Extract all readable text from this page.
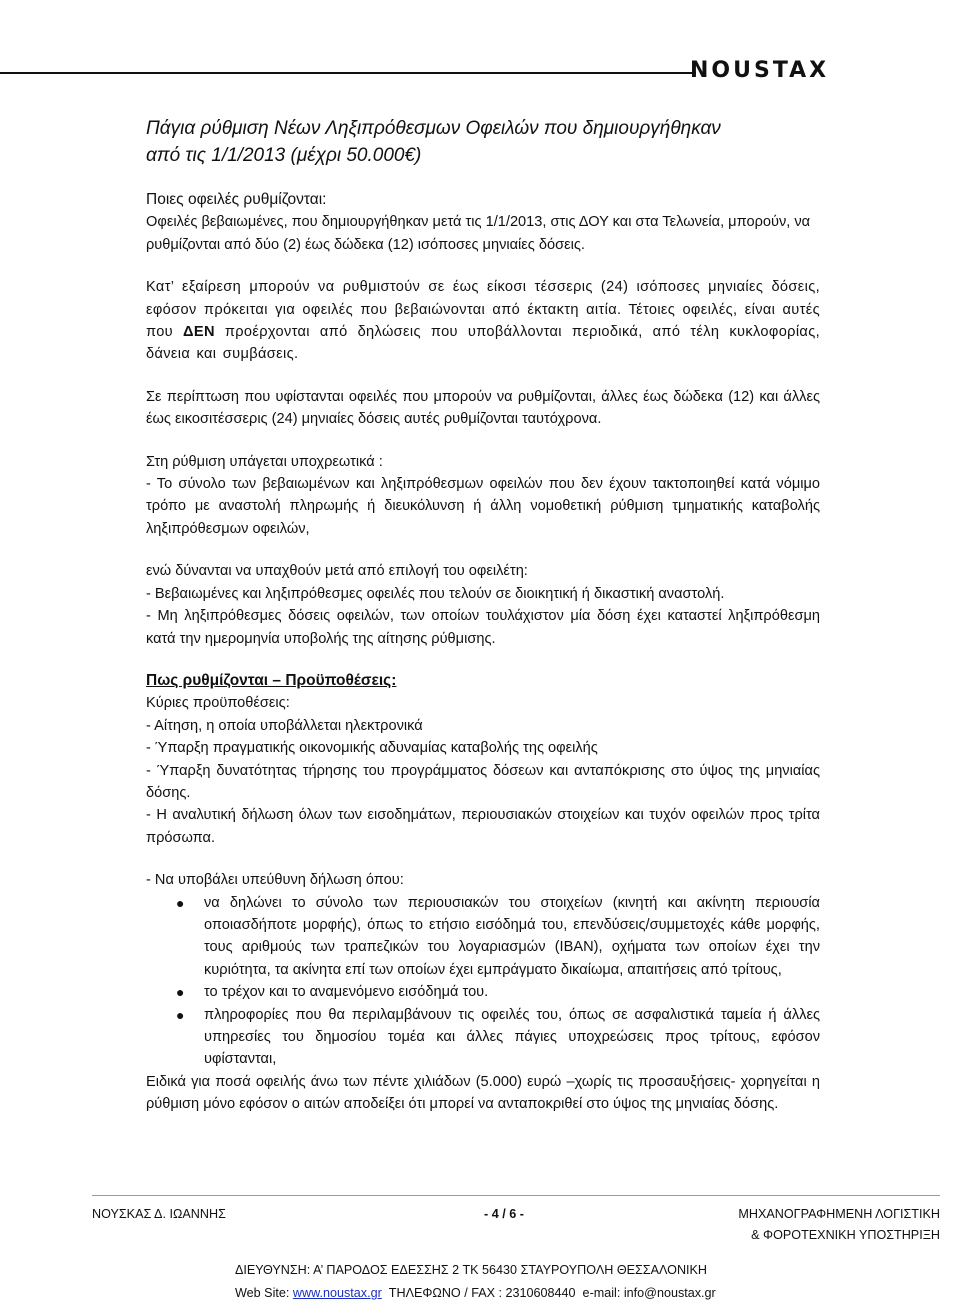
NOUSTAX
Πάγια ρύθμιση Νέων Ληξιπρόθεσμων Οφειλών που δημιουργήθηκαν
από τις 1/1/2013 (μέχρι 50.000€)

Ποιες οφειλές ρυθμίζονται:

Οφειλές βεβαιωμένες, που δημιουργήθηκαν μετά τις 1/1/2013, στις ΔΟΥ και στα Τελωνεία, μπορούν, να ρυθμίζονται από δύο (2) έως δώδεκα (12) ισόποσες μηνιαίες δόσεις.

Κατ’ εξαίρεση μπορούν να ρυθμιστούν σε έως είκοσι τέσσερις (24) ισόποσες μηνιαίες δόσεις, εφόσον πρόκειται για οφειλές που βεβαιώνονται από έκτακτη αιτία. Τέτοιες οφειλές, είναι αυτές που ΔΕΝ προέρχονται από δηλώσεις που υποβάλλονται περιοδικά, από τέλη κυκλοφορίας, δάνεια και συμβάσεις.

Σε περίπτωση που υφίστανται οφειλές που μπορούν να ρυθμίζονται, άλλες έως δώδεκα (12) και άλλες έως εικοσιτέσσερις (24) μηνιαίες δόσεις αυτές ρυθμίζονται ταυτόχρονα.

Στη ρύθμιση υπάγεται υποχρεωτικά :

- Το σύνολο των βεβαιωμένων και ληξιπρόθεσμων οφειλών που δεν έχουν τακτοποιηθεί κατά νόμιμο τρόπο με αναστολή πληρωμής ή διευκόλυνση ή άλλη νομοθετική ρύθμιση τμηματικής καταβολής ληξιπρόθεσμων οφειλών,

ενώ δύνανται να υπαχθούν μετά από επιλογή του οφειλέτη:

- Βεβαιωμένες και ληξιπρόθεσμες οφειλές που τελούν σε διοικητική ή δικαστική αναστολή.

- Μη ληξιπρόθεσμες δόσεις οφειλών, των οποίων τουλάχιστον μία δόση έχει καταστεί ληξιπρόθεσμη κατά την ημερομηνία υποβολής της αίτησης ρύθμισης.

Πως ρυθμίζονται – Προϋποθέσεις:

Κύριες προϋποθέσεις:

- Αίτηση, η οποία υποβάλλεται ηλεκτρονικά

- Ύπαρξη πραγματικής οικονομικής αδυναμίας καταβολής της οφειλής

- Ύπαρξη δυνατότητας τήρησης του προγράμματος δόσεων και ανταπόκρισης στο ύψος της μηνιαίας δόσης.

- Η αναλυτική δήλωση όλων των εισοδημάτων, περιουσιακών στοιχείων και τυχόν οφειλών προς τρίτα πρόσωπα.

- Να υποβάλει υπεύθυνη δήλωση όπου:

● να δηλώνει το σύνολο των περιουσιακών του στοιχείων (κινητή και ακίνητη περιουσία οποιασδήποτε μορφής), όπως το ετήσιο εισόδημά του, επενδύσεις/συμμετοχές κάθε μορφής, τους αριθμούς των τραπεζικών του λογαριασμών (IBAN), οχήματα των οποίων έχει την κυριότητα, τα ακίνητα επί των οποίων έχει εμπράγματο δικαίωμα, απαιτήσεις από τρίτους,
● το τρέχον και το αναμενόμενο εισόδημά του.
● πληροφορίες που θα περιλαμβάνουν τις οφειλές του, όπως σε ασφαλιστικά ταμεία ή άλλες υπηρεσίες του δημοσίου τομέα και άλλες πάγιες υποχρεώσεις προς τρίτους, εφόσον υφίστανται,

Ειδικά για ποσά οφειλής άνω των πέντε χιλιάδων (5.000) ευρώ –χωρίς τις προσαυξήσεις- χορηγείται η ρύθμιση μόνο εφόσον ο αιτών αποδείξει ότι μπορεί να ανταποκριθεί στο ύψος της μηνιαίας δόσης.

ΝΟΥΣΚΑΣ Δ. ΙΩΑΝΝΗΣ	- 4 / 6 -	ΜΗΧΑΝΟΓΡΑΦΗΜΕΝΗ ΛΟΓΙΣΤΙΚΗ
& ΦΟΡΟΤΕΧΝΙΚΗ ΥΠΟΣΤΗΡΙΞΗ
ΔΙΕΥΘΥΝΣΗ: Α’ ΠΑΡΟΔΟΣ ΕΔΕΣΣΗΣ 2 ΤΚ 56430 ΣΤΑΥΡΟΥΠΟΛΗ ΘΕΣΣΑΛΟΝΙΚΗ
Web Site: www.noustax.gr  ΤΗΛΕΦΩΝΟ / FAX : 2310608440  e-mail: info@noustax.gr
